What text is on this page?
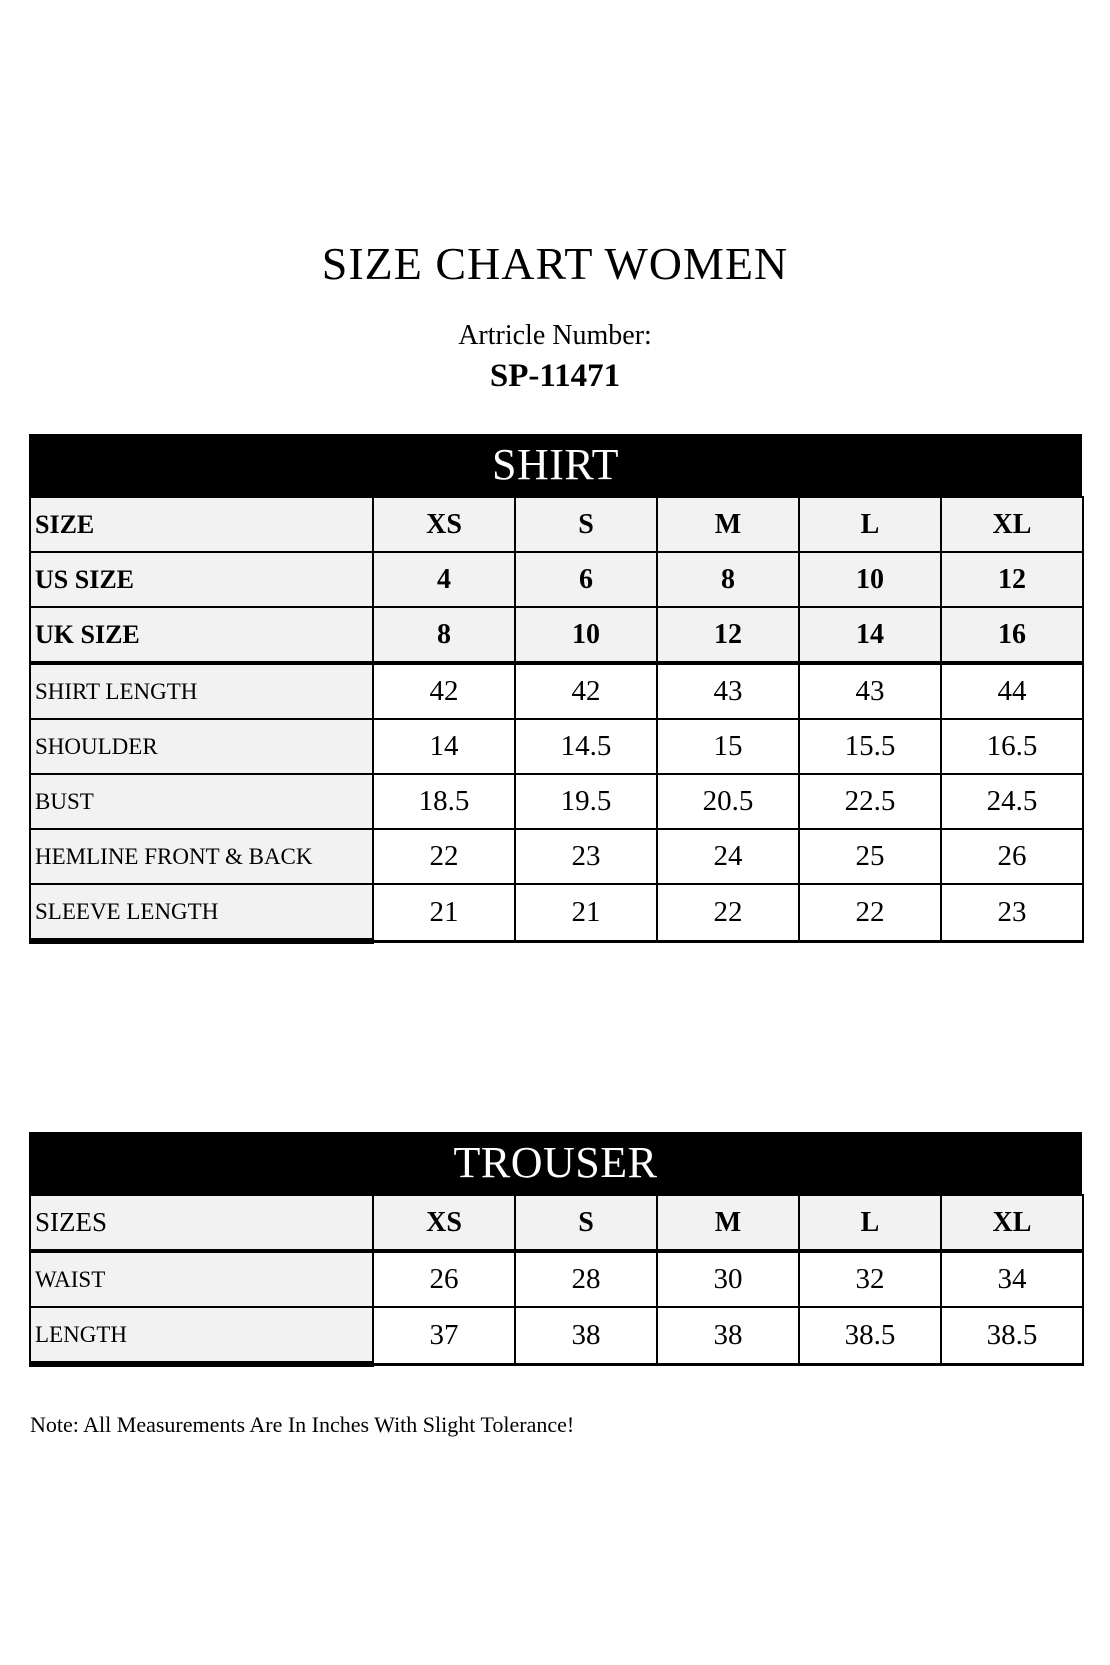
SIZE CHART WOMEN
Artricle Number:
SP-11471
SHIRT
SIZE	XS	S	M	L	XL
US SIZE	4	6	8	10	12
UK SIZE	8	10	12	14	16
SHIRT LENGTH	42	42	43	43	44
SHOULDER	14	14.5	15	15.5	16.5
BUST	18.5	19.5	20.5	22.5	24.5
HEMLINE FRONT & BACK	22	23	24	25	26
SLEEVE LENGTH	21	21	22	22	23
TROUSER
SIZES	XS	S	M	L	XL
WAIST	26	28	30	32	34
LENGTH	37	38	38	38.5	38.5
Note: All Measurements Are In Inches With Slight Tolerance!
